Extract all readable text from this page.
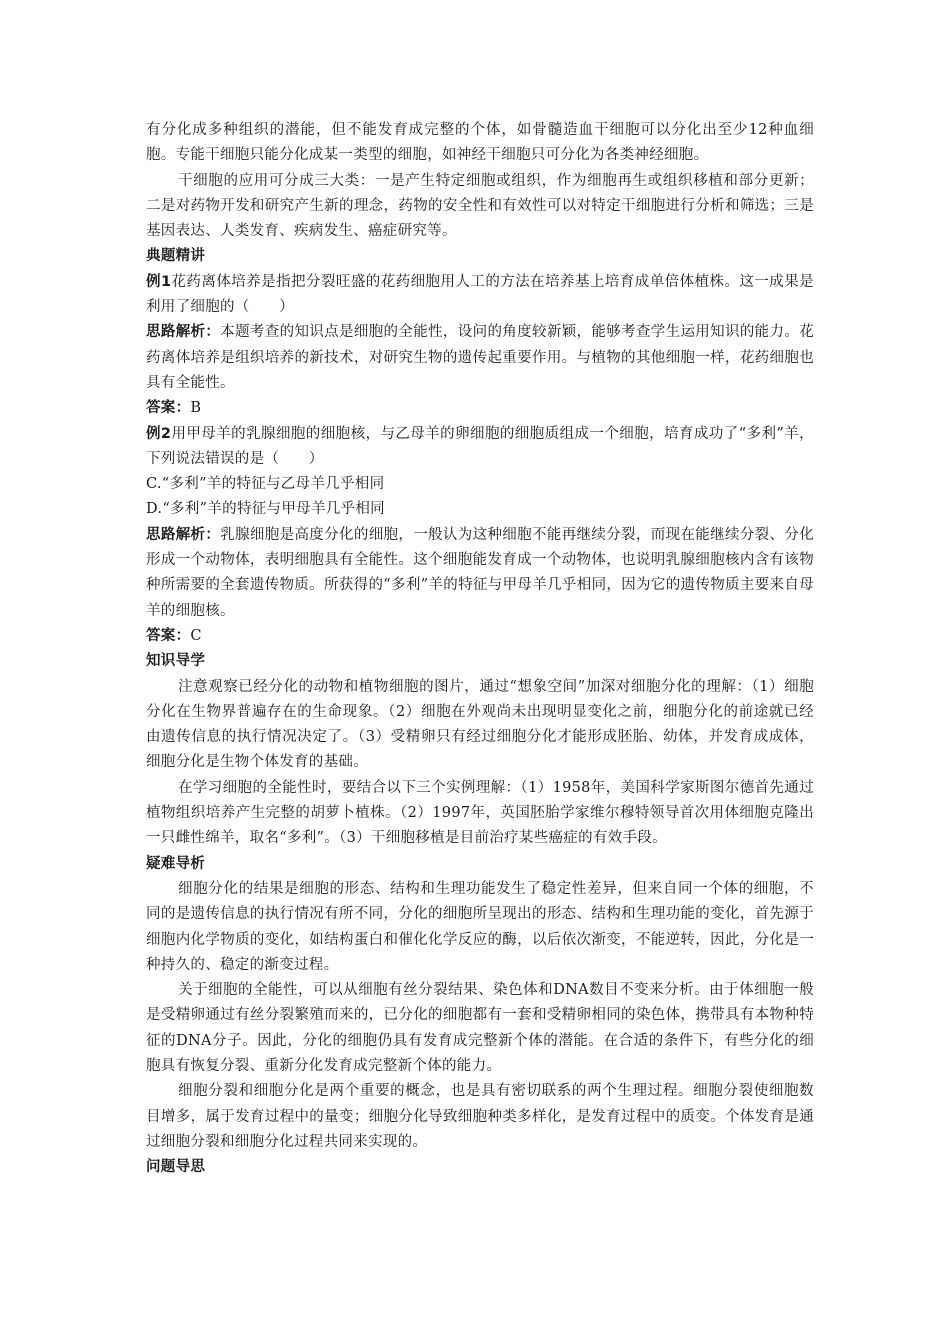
有分化成多种组织的潜能，但不能发育成完整的个体，如骨髓造血干细胞可以分化出至少12种血细胞。专能干细胞只能分化成某一类型的细胞，如神经干细胞只可分化为各类神经细胞。

干细胞的应用可分成三大类：一是产生特定细胞或组织，作为细胞再生或组织移植和部分更新；二是对药物开发和研究产生新的理念，药物的安全性和有效性可以对特定干细胞进行分析和筛选；三是基因表达、人类发育、疾病发生、癌症研究等。

典题精讲

例1花药离体培养是指把分裂旺盛的花药细胞用人工的方法在培养基上培育成单倍体植株。这一成果是利用了细胞的（　　）

思路解析：本题考查的知识点是细胞的全能性，设问的角度较新颖，能够考查学生运用知识的能力。花药离体培养是组织培养的新技术，对研究生物的遗传起重要作用。与植物的其他细胞一样，花药细胞也具有全能性。

答案：B

例2用甲母羊的乳腺细胞的细胞核，与乙母羊的卵细胞的细胞质组成一个细胞，培育成功了“多利”羊，下列说法错误的是（　　）

C.“多利”羊的特征与乙母羊几乎相同

D.“多利”羊的特征与甲母羊几乎相同

思路解析：乳腺细胞是高度分化的细胞，一般认为这种细胞不能再继续分裂，而现在能继续分裂、分化形成一个动物体，表明细胞具有全能性。这个细胞能发育成一个动物体，也说明乳腺细胞核内含有该物种所需要的全套遗传物质。所获得的“多利”羊的特征与甲母羊几乎相同，因为它的遗传物质主要来自母羊的细胞核。

答案：C

知识导学

注意观察已经分化的动物和植物细胞的图片，通过“想象空间”加深对细胞分化的理解：（1）细胞分化在生物界普遍存在的生命现象。（2）细胞在外观尚未出现明显变化之前，细胞分化的前途就已经由遗传信息的执行情况决定了。（3）受精卵只有经过细胞分化才能形成胚胎、幼体，并发育成成体，细胞分化是生物个体发育的基础。

在学习细胞的全能性时，要结合以下三个实例理解：（1）1958年，美国科学家斯图尔德首先通过植物组织培养产生完整的胡萝卜植株。（2）1997年，英国胚胎学家维尔穆特领导首次用体细胞克隆出一只雌性绵羊，取名“多利”。（3）干细胞移植是目前治疗某些癌症的有效手段。

疑难导析

细胞分化的结果是细胞的形态、结构和生理功能发生了稳定性差异，但来自同一个体的细胞，不同的是遗传信息的执行情况有所不同，分化的细胞所呈现出的形态、结构和生理功能的变化，首先源于细胞内化学物质的变化，如结构蛋白和催化化学反应的酶，以后依次渐变，不能逆转，因此，分化是一种持久的、稳定的渐变过程。

关于细胞的全能性，可以从细胞有丝分裂结果、染色体和DNA数目不变来分析。由于体细胞一般是受精卵通过有丝分裂繁殖而来的，已分化的细胞都有一套和受精卵相同的染色体，携带具有本物种特征的DNA分子。因此，分化的细胞仍具有发育成完整新个体的潜能。在合适的条件下，有些分化的细胞具有恢复分裂、重新分化发育成完整新个体的能力。

细胞分裂和细胞分化是两个重要的概念，也是具有密切联系的两个生理过程。细胞分裂使细胞数目增多，属于发育过程中的量变；细胞分化导致细胞种类多样化，是发育过程中的质变。个体发育是通过细胞分裂和细胞分化过程共同来实现的。

问题导思
